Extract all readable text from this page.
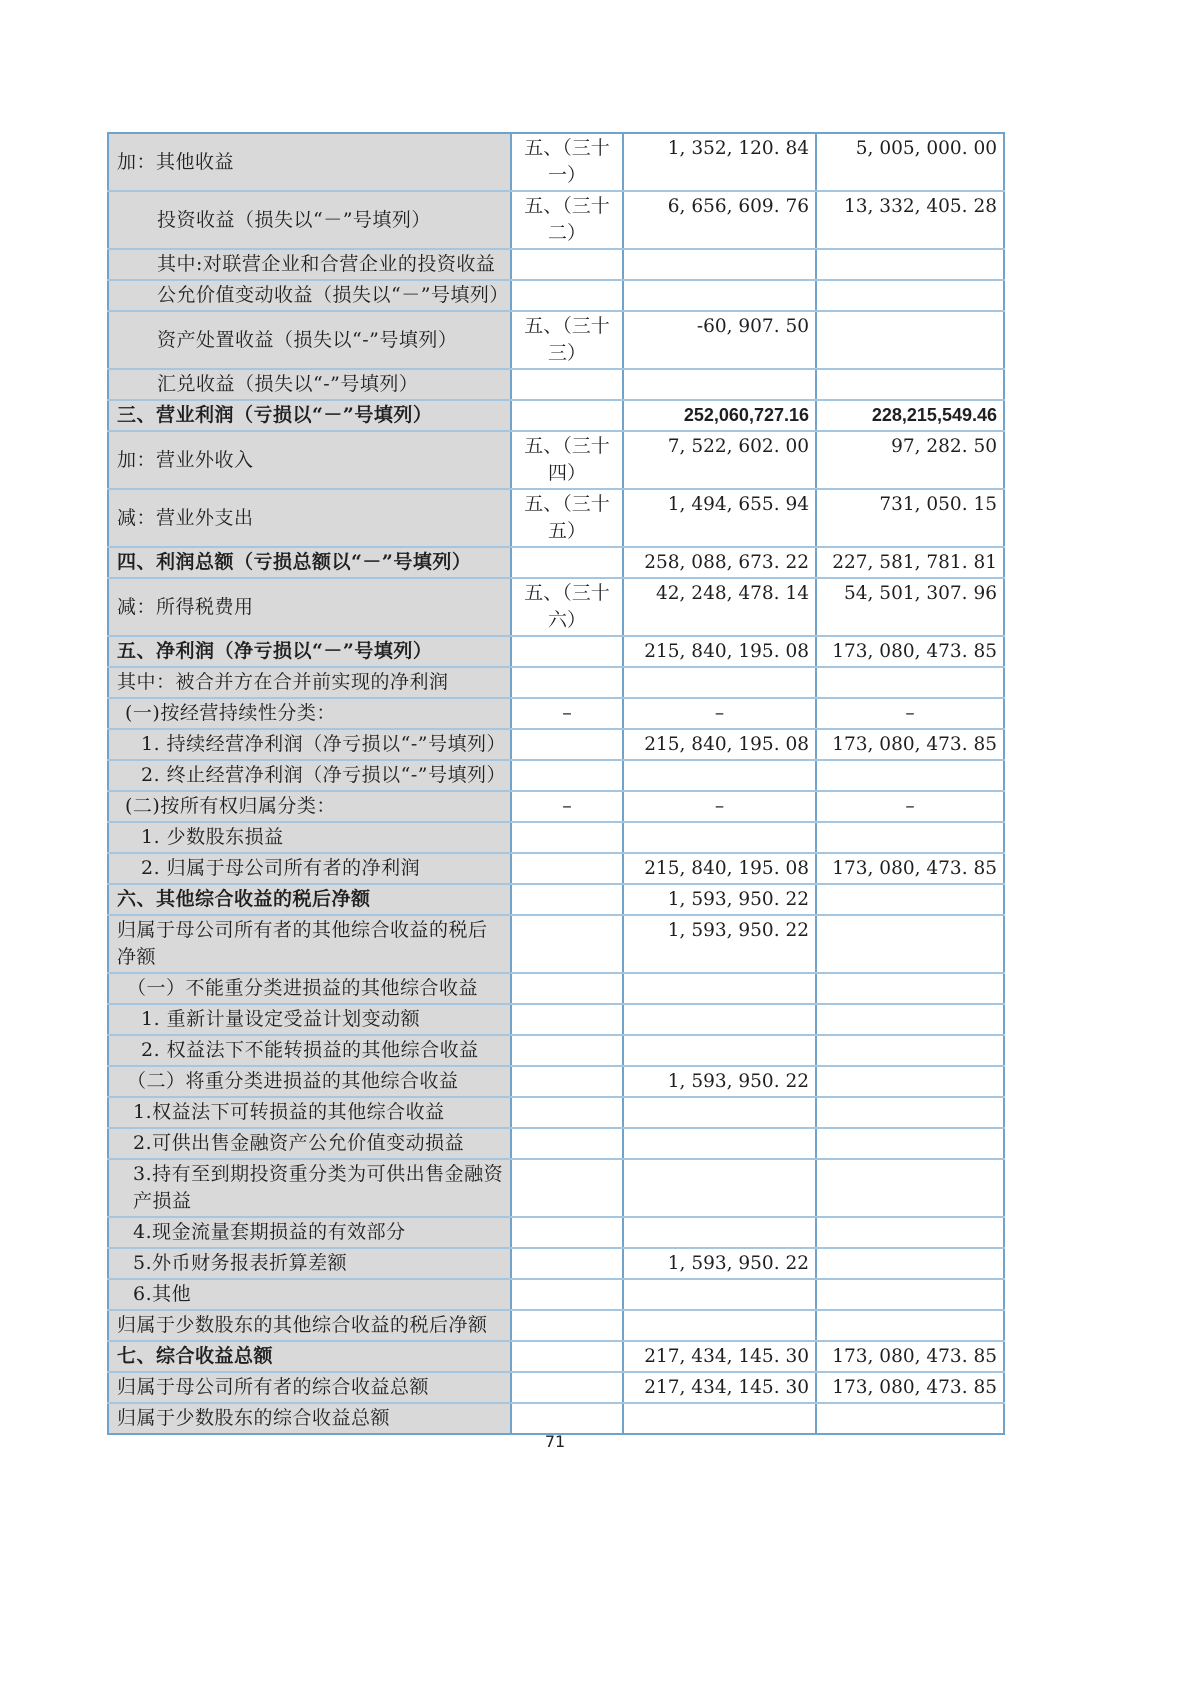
加：其他收益	五、（三十一）	1, 352, 120. 84	5, 005, 000. 00
投资收益（损失以“－”号填列）	五、（三十二）	6, 656, 609. 76	13, 332, 405. 28
其中:对联营企业和合营企业的投资收益			
公允价值变动收益（损失以“－”号填列）			
资产处置收益（损失以“-”号填列）	五、（三十三）	-60, 907. 50	
汇兑收益（损失以“-”号填列）			
三、营业利润（亏损以“－”号填列）		252,060,727.16	228,215,549.46
加：营业外收入	五、（三十四）	7, 522, 602. 00	97, 282. 50
减：营业外支出	五、（三十五）	1, 494, 655. 94	731, 050. 15
四、利润总额（亏损总额以“－”号填列）		258, 088, 673. 22	227, 581, 781. 81
减：所得税费用	五、（三十六）	42, 248, 478. 14	54, 501, 307. 96
五、净利润（净亏损以“－”号填列）		215, 840, 195. 08	173, 080, 473. 85
其中：被合并方在合并前实现的净利润			
(一)按经营持续性分类：	–	–	–
1. 持续经营净利润（净亏损以“-”号填列）		215, 840, 195. 08	173, 080, 473. 85
2. 终止经营净利润（净亏损以“-”号填列）			
(二)按所有权归属分类：	–	–	–
1. 少数股东损益			
2. 归属于母公司所有者的净利润		215, 840, 195. 08	173, 080, 473. 85
六、其他综合收益的税后净额		1, 593, 950. 22	
归属于母公司所有者的其他综合收益的税后净额		1, 593, 950. 22	
（一）不能重分类进损益的其他综合收益			
1. 重新计量设定受益计划变动额			
2. 权益法下不能转损益的其他综合收益			
（二）将重分类进损益的其他综合收益		1, 593, 950. 22	
1.权益法下可转损益的其他综合收益			
2.可供出售金融资产公允价值变动损益			
3.持有至到期投资重分类为可供出售金融资产损益			
4.现金流量套期损益的有效部分			
5.外币财务报表折算差额		1, 593, 950. 22	
6.其他			
归属于少数股东的其他综合收益的税后净额			
七、综合收益总额		217, 434, 145. 30	173, 080, 473. 85
归属于母公司所有者的综合收益总额		217, 434, 145. 30	173, 080, 473. 85
归属于少数股东的综合收益总额			
71
